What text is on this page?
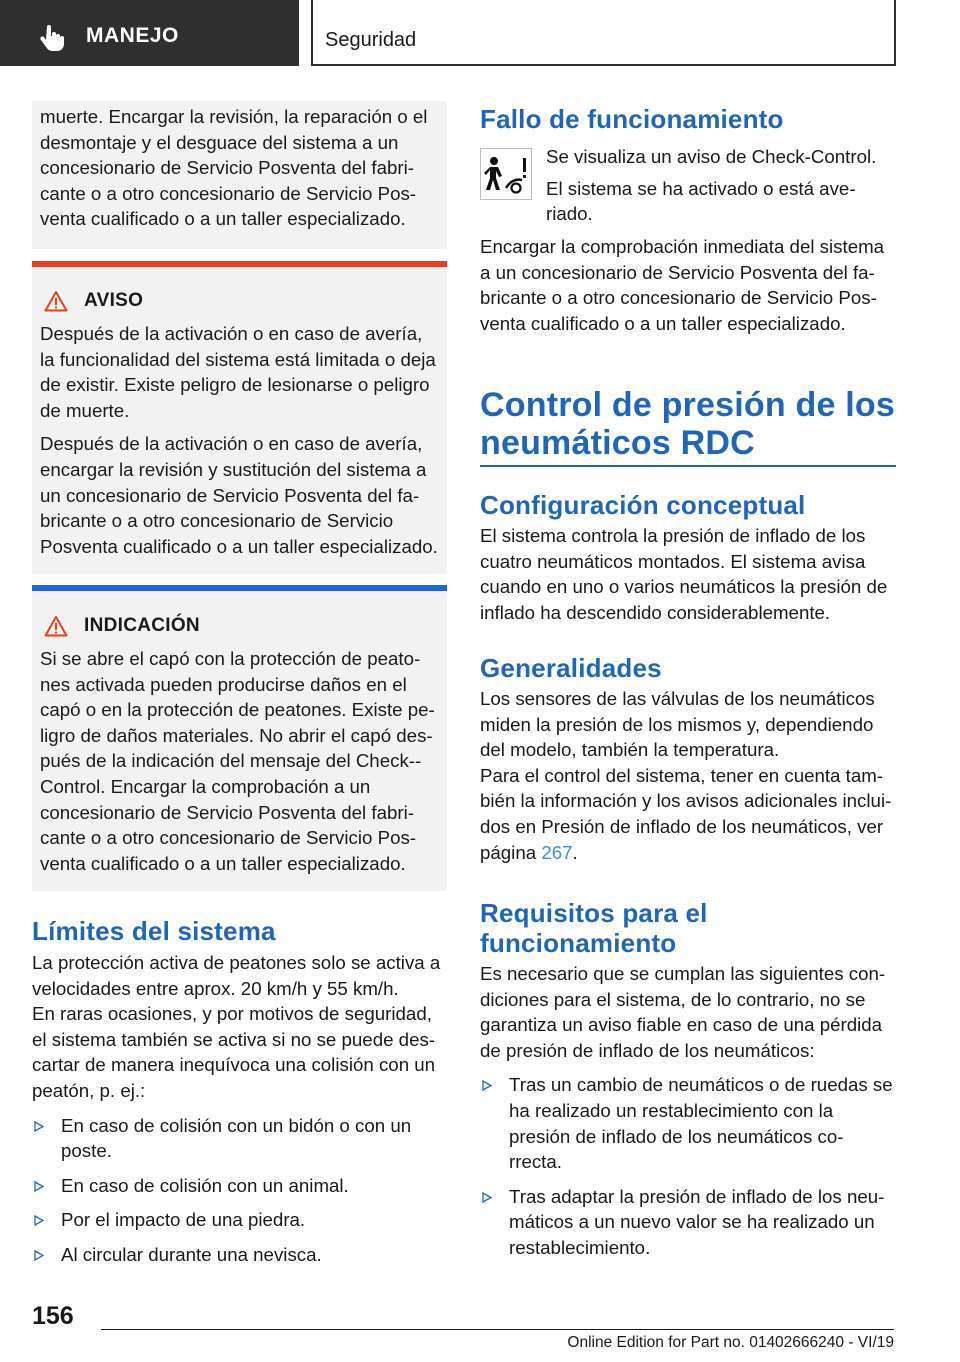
MANEJO	Seguridad

muerte. Encargar la revisión, la reparación o el desmontaje y el desguace del sistema a un concesionario de Servicio Posventa del fabri‐cante o a otro concesionario de Servicio Pos‐venta cualificado o a un taller especializado.

AVISO

Después de la activación o en caso de avería, la funcionalidad del sistema está limitada o deja de existir. Existe peligro de lesionarse o peligro de muerte.

Después de la activación o en caso de avería, encargar la revisión y sustitución del sistema a un concesionario de Servicio Posventa del fa‐bricante o a otro concesionario de Servicio Posventa cualificado o a un taller especializado.

INDICACIÓN

Si se abre el capó con la protección de peato‐nes activada pueden producirse daños en el capó o en la protección de peatones. Existe pe‐ligro de daños materiales. No abrir el capó des‐pués de la indicación del mensaje del Check‐-Control. Encargar la comprobación a un concesionario de Servicio Posventa del fabri‐cante o a otro concesionario de Servicio Pos‐venta cualificado o a un taller especializado.

Límites del sistema

La protección activa de peatones solo se activa a velocidades entre aprox. 20 km/h y 55 km/h.

En raras ocasiones, y por motivos de seguridad, el sistema también se activa si no se puede des‐cartar de manera inequívoca una colisión con un peatón, p. ej.:

En caso de colisión con un bidón o con un poste.
En caso de colisión con un animal.
Por el impacto de una piedra.
Al circular durante una nevisca.
Fallo de funcionamiento

Se visualiza un aviso de Check-Control.

El sistema se ha activado o está ave‐riado.

Encargar la comprobación inmediata del sistema a un concesionario de Servicio Posventa del fa‐bricante o a otro concesionario de Servicio Pos‐venta cualificado o a un taller especializado.

Control de presión de los neumáticos RDC
Configuración conceptual

El sistema controla la presión de inflado de los cuatro neumáticos montados. El sistema avisa cuando en uno o varios neumáticos la presión de inflado ha descendido considerablemente.

Generalidades

Los sensores de las válvulas de los neumáticos miden la presión de los mismos y, dependiendo del modelo, también la temperatura.

Para el control del sistema, tener en cuenta tam‐bién la información y los avisos adicionales inclui‐dos en Presión de inflado de los neumáticos, ver página 267.

Requisitos para el funcionamiento

Es necesario que se cumplan las siguientes con‐diciones para el sistema, de lo contrario, no se garantiza un aviso fiable en caso de una pérdida de presión de inflado de los neumáticos:

Tras un cambio de neumáticos o de ruedas se ha realizado un restablecimiento con la presión de inflado de los neumáticos co‐rrecta.
Tras adaptar la presión de inflado de los neu‐máticos a un nuevo valor se ha realizado un restablecimiento.
156
Online Edition for Part no. 01402666240 - VI/19
